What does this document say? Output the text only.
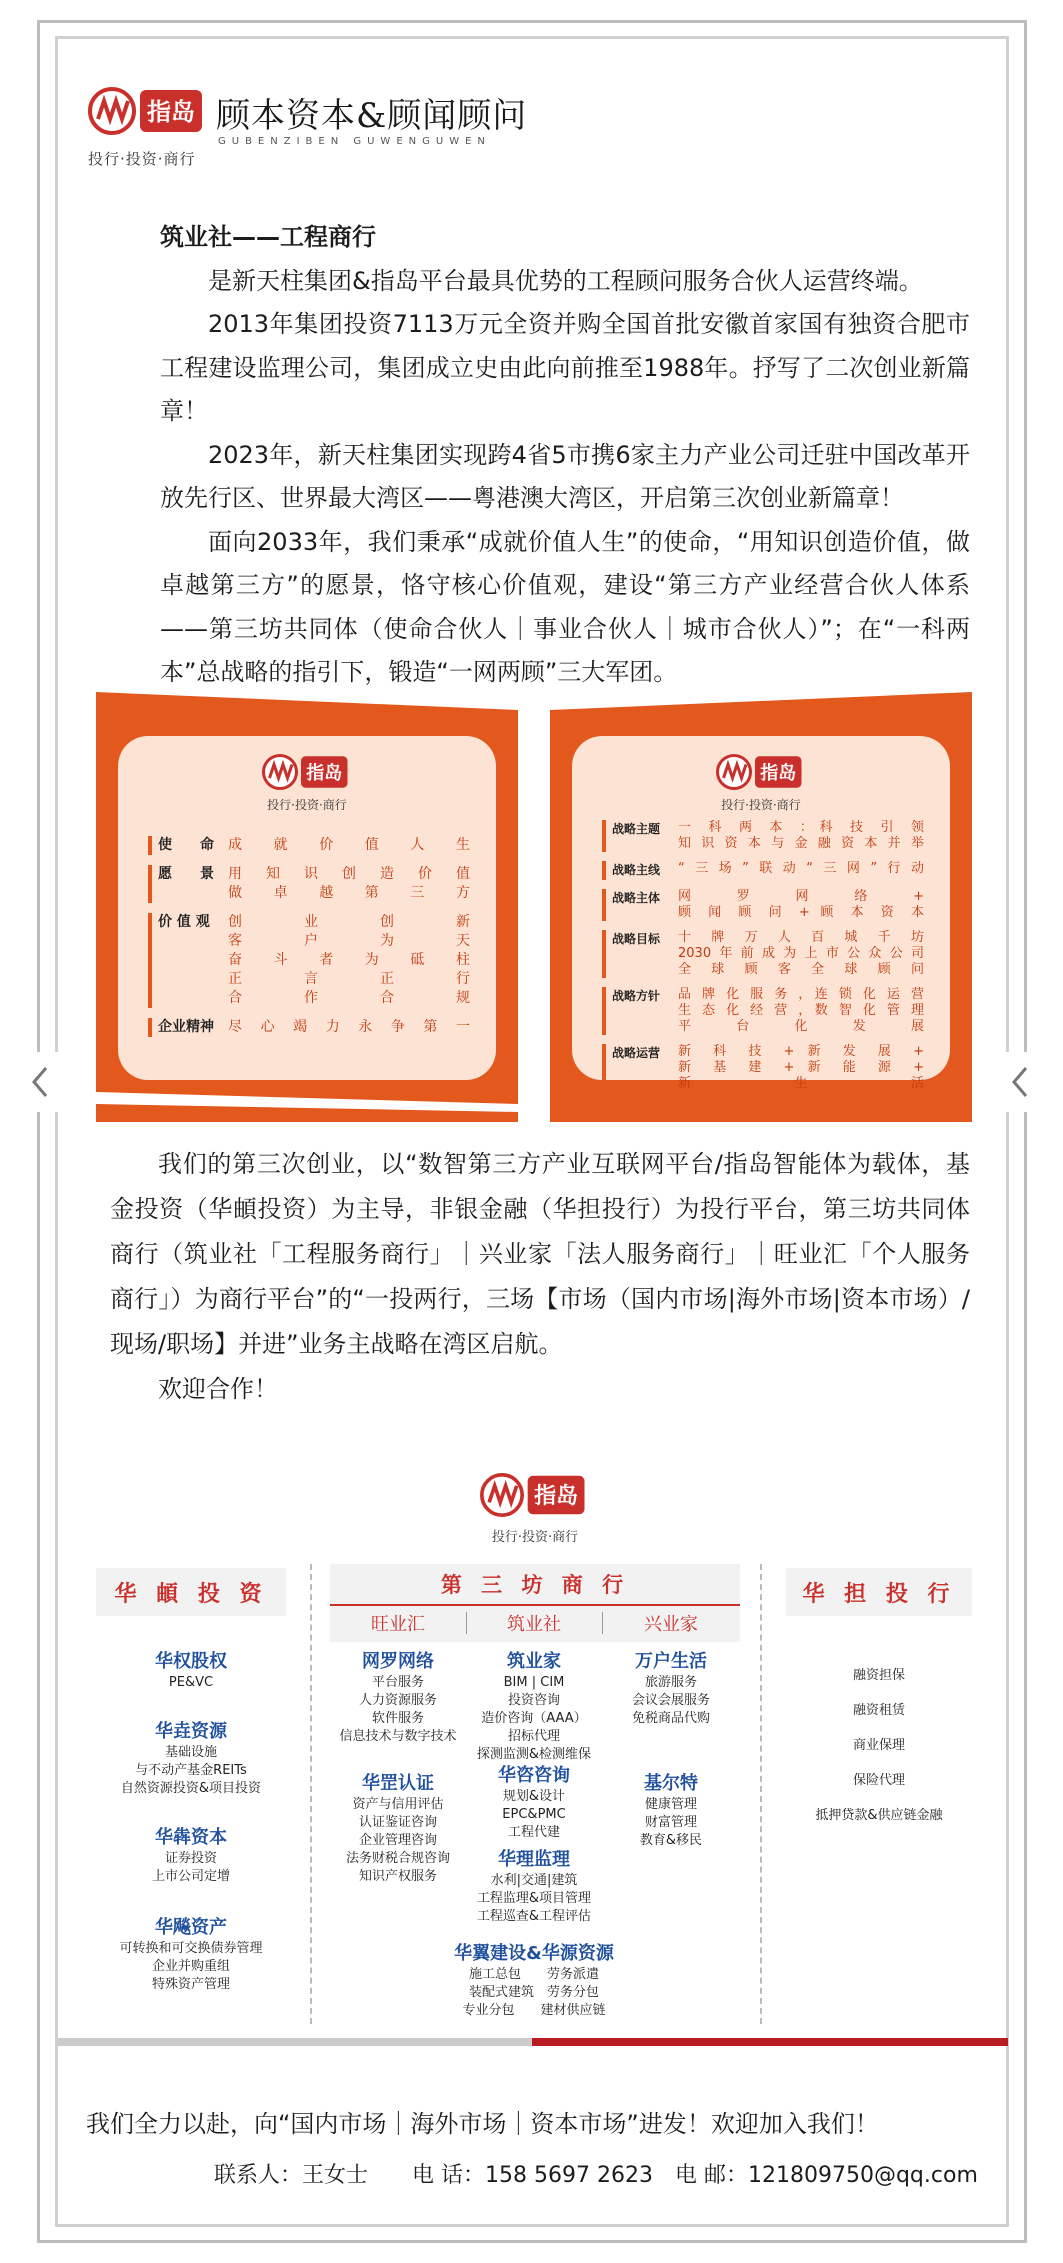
指岛
投行·投资·商行
顾本资本&顾闻顾问
GUBENZIBEN GUWENGUWEN

筑业社——工程商行

是新天柱集团&指岛平台最具优势的工程顾问服务合伙人运营终端。

2013年集团投资7113万元全资并购全国首批安徽首家国有独资合肥市工程建设监理公司，集团成立史由此向前推至1988年。抒写了二次创业新篇章！

2023年，新天柱集团实现跨4省5市携6家主力产业公司迁驻中国改革开放先行区、世界最大湾区——粤港澳大湾区，开启第三次创业新篇章！

面向2033年，我们秉承“成就价值人生”的使命，“用知识创造价值，做卓越第三方”的愿景，恪守核心价值观，建设“第三方产业经营合伙人体系——第三坊共同体（使命合伙人｜事业合伙人｜城市合伙人）”；在“一科两本”总战略的指引下，锻造“一网两顾”三大军团。

指岛
投行·投资·商行
使　　命	成 就 价 值 人 生
愿　　景	用 知 识 创 造 价 值
做 卓 越 第 三 方
价 值 观	创 业 创 新
客 户 为 天
奋 斗 者 为 砥 柱
正 言 正 行
合 作 合 规
企业精神	尽 心 竭 力 永 争 第 一
指岛
投行·投资·商行
战略主题	一 科 两 本 ：科 技 引 领
知识资本与金融资本并举
战略主线	“三场”联动“三网”行动
战略主体	网 罗 网 络 +
顾 闻 顾 问 + 顾 本 资 本
战略目标	十 牌 万 人 百 城 千 坊
2030年前成为上市公众公司
全 球 顾 客 全 球 顾 问
战略方针	品 牌 化 服 务 ，连 锁 化 运 营
生 态 化 经 营 ，数 智 化 管 理
平 台 化 发 展
战略运营	新 科 技 + 新 发 展 +
新 基 建 + 新 能 源 +
新 生 活

我们的第三次创业，以“数智第三方产业互联网平台/指岛智能体为载体，基金投资（华頔投资）为主导，非银金融（华担投行）为投行平台，第三坊共同体商行（筑业社「工程服务商行」｜兴业家「法人服务商行」｜旺业汇「个人服务商行」）为商行平台”的“一投两行，三场【市场（国内市场|海外市场|资本市场）/现场/职场】并进”业务主战略在湾区启航。

欢迎合作！

指岛
投行·投资·商行
华 頔 投 资
华权股权
PE&VC
华垚资源
基础设施
与不动产基金REITs
自然资源投资&项目投资
华犇资本
证券投资
上市公司定增
华飚资产
可转换和可交换债券管理
企业并购重组
特殊资产管理
第 三 坊 商 行
旺业汇	筑业社	兴业家
网罗网络
平台服务
人力资源服务
软件服务
信息技术与数字技术
华罡认证
资产与信用评估
认证鉴证咨询
企业管理咨询
法务财税合规咨询
知识产权服务
筑业家
BIM | CIM
投资咨询
造价咨询（AAA）
招标代理
探测监测&检测维保
华咨咨询
规划&设计
EPC&PMC
工程代建
华理监理
水利|交通|建筑
工程监理&项目管理
工程巡查&工程评估
万户生活
旅游服务
会议会展服务
免税商品代购
基尔特
健康管理
财富管理
教育&移民
华翼建设&华源资源
施工总包　　 劳务派遣
装配式建筑　 劳务分包
专业分包　　 建材供应链
华 担 投 行
融资担保
融资租赁
商业保理
保险代理
抵押贷款&供应链金融
我们全力以赴，向“国内市场｜海外市场｜资本市场”进发！欢迎加入我们！
联系人：王女士　　 电 话：158 5697 2623　 电 邮：121809750@qq.com
